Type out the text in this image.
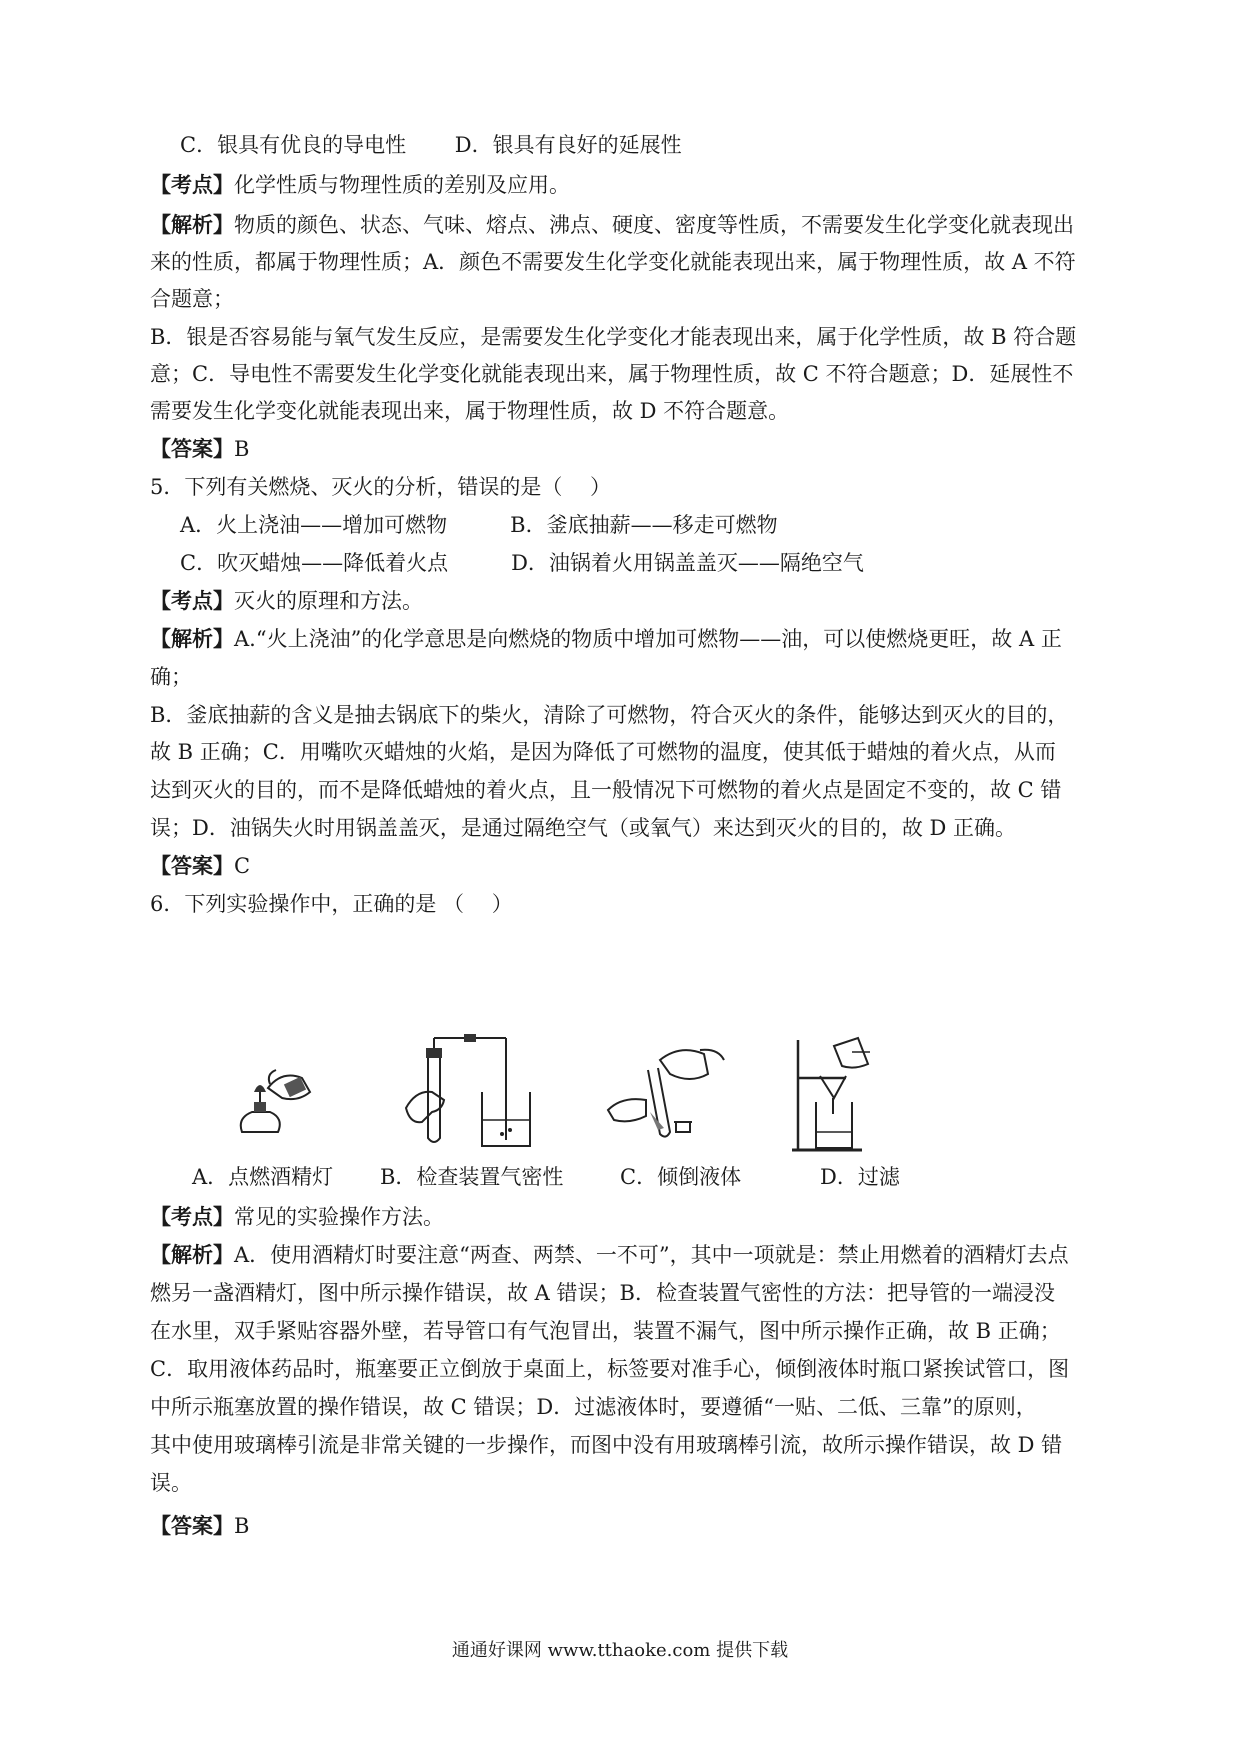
C．银具有优良的导电性　　 D．银具有良好的延展性
【考点】化学性质与物理性质的差别及应用。
【解析】物质的颜色、状态、气味、熔点、沸点、硬度、密度等性质，不需要发生化学变化就表现出
来的性质，都属于物理性质；A．颜色不需要发生化学变化就能表现出来，属于物理性质，故 A 不符
合题意；
B．银是否容易能与氧气发生反应，是需要发生化学变化才能表现出来，属于化学性质，故 B 符合题
意；C．导电性不需要发生化学变化就能表现出来，属于物理性质，故 C 不符合题意；D．延展性不
需要发生化学变化就能表现出来，属于物理性质，故 D 不符合题意。
【答案】B
5．下列有关燃烧、灭火的分析，错误的是（　 ）
A．火上浇油——增加可燃物　　　B．釜底抽薪——移走可燃物
C．吹灭蜡烛——降低着火点　　　D．油锅着火用锅盖盖灭——隔绝空气
【考点】灭火的原理和方法。
【解析】A.“火上浇油”的化学意思是向燃烧的物质中增加可燃物——油，可以使燃烧更旺，故 A 正
确；
B．釜底抽薪的含义是抽去锅底下的柴火，清除了可燃物，符合灭火的条件，能够达到灭火的目的，
故 B 正确；C．用嘴吹灭蜡烛的火焰，是因为降低了可燃物的温度，使其低于蜡烛的着火点，从而
达到灭火的目的，而不是降低蜡烛的着火点，且一般情况下可燃物的着火点是固定不变的，故 C 错
误；D．油锅失火时用锅盖盖灭，是通过隔绝空气（或氧气）来达到灭火的目的，故 D 正确。
【答案】C
6．下列实验操作中，正确的是 （　 ）
A．点燃酒精灯 B．检查装置气密性	C．倾倒液体	D．过滤
【考点】常见的实验操作方法。
【解析】A．使用酒精灯时要注意“两查、两禁、一不可”，其中一项就是：禁止用燃着的酒精灯去点
燃另一盏酒精灯，图中所示操作错误，故 A 错误；B．检查装置气密性的方法：把导管的一端浸没
在水里，双手紧贴容器外壁，若导管口有气泡冒出，装置不漏气，图中所示操作正确，故 B 正确；
C．取用液体药品时，瓶塞要正立倒放于桌面上，标签要对准手心，倾倒液体时瓶口紧挨试管口，图
中所示瓶塞放置的操作错误，故 C 错误；D．过滤液体时，要遵循“一贴、二低、三靠”的原则，
其中使用玻璃棒引流是非常关键的一步操作，而图中没有用玻璃棒引流，故所示操作错误，故 D 错
误。
【答案】B
通通好课网 www.tthaoke.com 提供下载
